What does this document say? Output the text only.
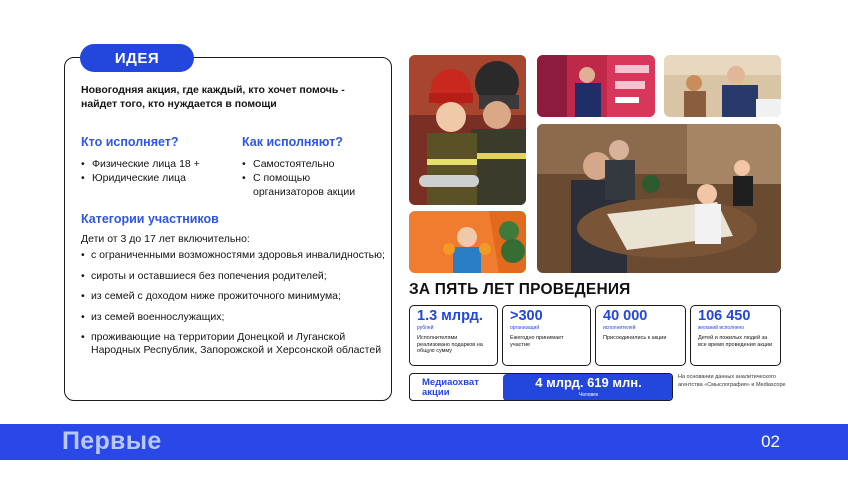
ИДЕЯ

Новогодняя акция, где каждый, кто хочет помочь - найдет того, кто нуждается в помощи

Кто исполняет?
• Физические лица 18 +
• Юридические лица
Как исполняют?
• Самостоятельно
• С помощью организаторов акции
Категории участников
Дети от 3 до 17 лет включительно:
• с ограниченными возможностями здоровья инвалидностью;
• сироты и оставшиеся без попечения родителей;
• из семей с доходом ниже прожиточного минимума;
• из семей военнослужащих;
• проживающие на территории Донецкой и Луганской Народных Республик, Запорожской и Херсонской областей
ЗА ПЯТЬ ЛЕТ ПРОВЕДЕНИЯ
1.3 млрд.
рублей
Исполнителями реализовано подарков на общую сумму
>300
организаций
Ежегодно принимает участие
40 000
исполнителей
Присоединились к акции
106 450
желаний исполнено
Детей и пожилых людей за все время проведения акции
Медиаохват акции
4 млрд. 619 млн.
Человек
На основании данных аналитического агентства «Смыслография» и Mediascope
Первые	02
